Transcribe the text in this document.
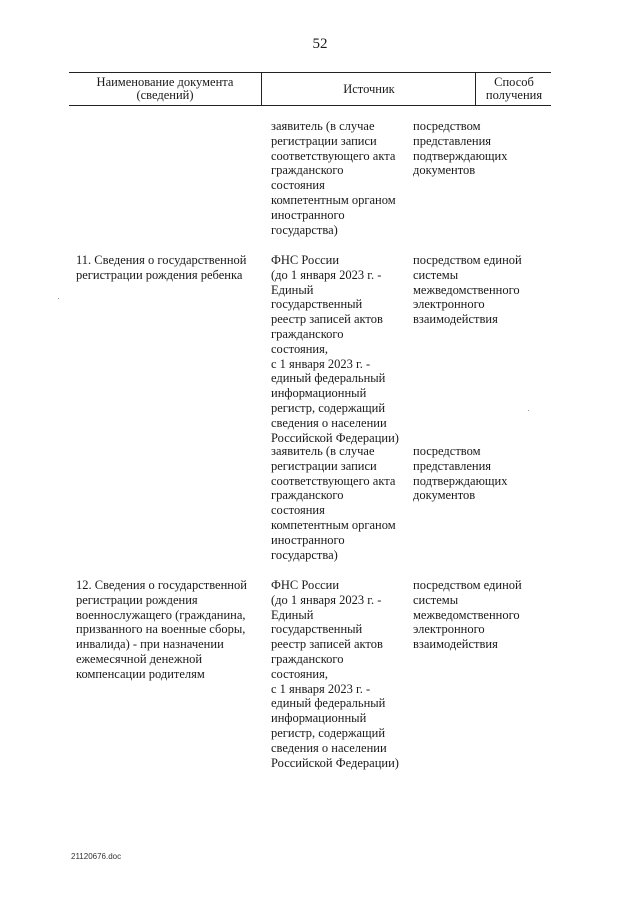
52
Наименование документа
(сведений)	Источник	Способ получения
заявитель (в случае
регистрации записи
соответствующего акта
гражданского
состояния
компетентным органом
иностранного
государства)
посредством
представления
подтверждающих
документов
11. Сведения о государственной
регистрации рождения ребенка
ФНС России
(до 1 января 2023 г. -
Единый
государственный
реестр записей актов
гражданского
состояния,
с 1 января 2023 г. -
единый федеральный
информационный
регистр, содержащий
сведения о населении
Российской Федерации)
посредством единой
системы
межведомственного
электронного
взаимодействия
заявитель (в случае
регистрации записи
соответствующего акта
гражданского
состояния
компетентным органом
иностранного
государства)
посредством
представления
подтверждающих
документов
12. Сведения о государственной
регистрации рождения
военнослужащего (гражданина,
призванного на военные сборы,
инвалида) - при назначении
ежемесячной денежной
компенсации родителям
ФНС России
(до 1 января 2023 г. -
Единый
государственный
реестр записей актов
гражданского
состояния,
с 1 января 2023 г. -
единый федеральный
информационный
регистр, содержащий
сведения о населении
Российской Федерации)
посредством единой
системы
межведомственного
электронного
взаимодействия
21120676.doc
